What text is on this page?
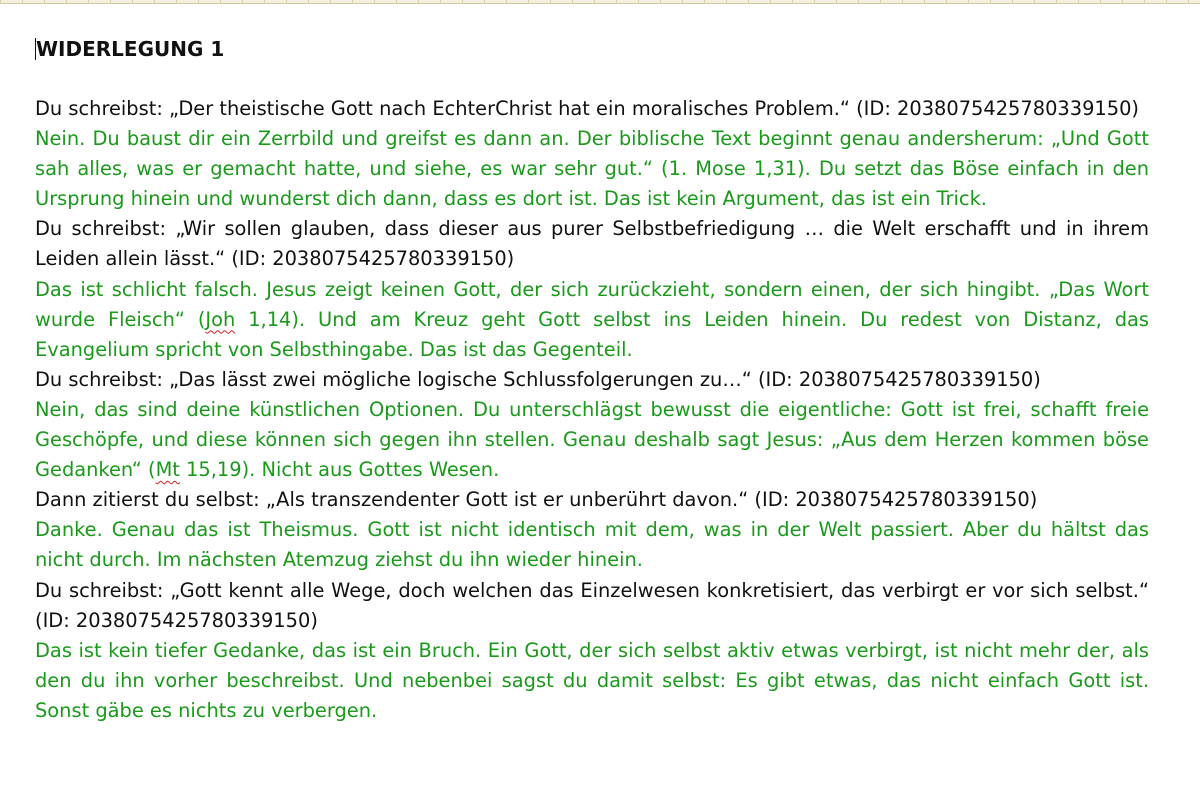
WIDERLEGUNG 1

Du schreibst: „Der theistische Gott nach EchterChrist hat ein moralisches Problem.“ (ID: 2038075425780339150)

Nein. Du baust dir ein Zerrbild und greifst es dann an. Der biblische Text beginnt genau andersherum: „Und Gott sah alles, was er gemacht hatte, und siehe, es war sehr gut.“ (1. Mose 1,31). Du setzt das Böse einfach in den Ursprung hinein und wunderst dich dann, dass es dort ist. Das ist kein Argument, das ist ein Trick.

Du schreibst: „Wir sollen glauben, dass dieser aus purer Selbstbefriedigung … die Welt erschafft und in ihrem Leiden allein lässt.“ (ID: 2038075425780339150)

Das ist schlicht falsch. Jesus zeigt keinen Gott, der sich zurückzieht, sondern einen, der sich hingibt. „Das Wort wurde Fleisch“ (Joh 1,14). Und am Kreuz geht Gott selbst ins Leiden hinein. Du redest von Distanz, das Evangelium spricht von Selbsthingabe. Das ist das Gegenteil.

Du schreibst: „Das lässt zwei mögliche logische Schlussfolgerungen zu…“ (ID: 2038075425780339150)

Nein, das sind deine künstlichen Optionen. Du unterschlägst bewusst die eigentliche: Gott ist frei, schafft freie Geschöpfe, und diese können sich gegen ihn stellen. Genau deshalb sagt Jesus: „Aus dem Herzen kommen böse Gedanken“ (Mt 15,19). Nicht aus Gottes Wesen.

Dann zitierst du selbst: „Als transzendenter Gott ist er unberührt davon.“ (ID: 2038075425780339150)

Danke. Genau das ist Theismus. Gott ist nicht identisch mit dem, was in der Welt passiert. Aber du hältst das nicht durch. Im nächsten Atemzug ziehst du ihn wieder hinein.

Du schreibst: „Gott kennt alle Wege, doch welchen das Einzelwesen konkretisiert, das verbirgt er vor sich selbst.“ (ID: 2038075425780339150)

Das ist kein tiefer Gedanke, das ist ein Bruch. Ein Gott, der sich selbst aktiv etwas verbirgt, ist nicht mehr der, als den du ihn vorher beschreibst. Und nebenbei sagst du damit selbst: Es gibt etwas, das nicht einfach Gott ist. Sonst gäbe es nichts zu verbergen.
